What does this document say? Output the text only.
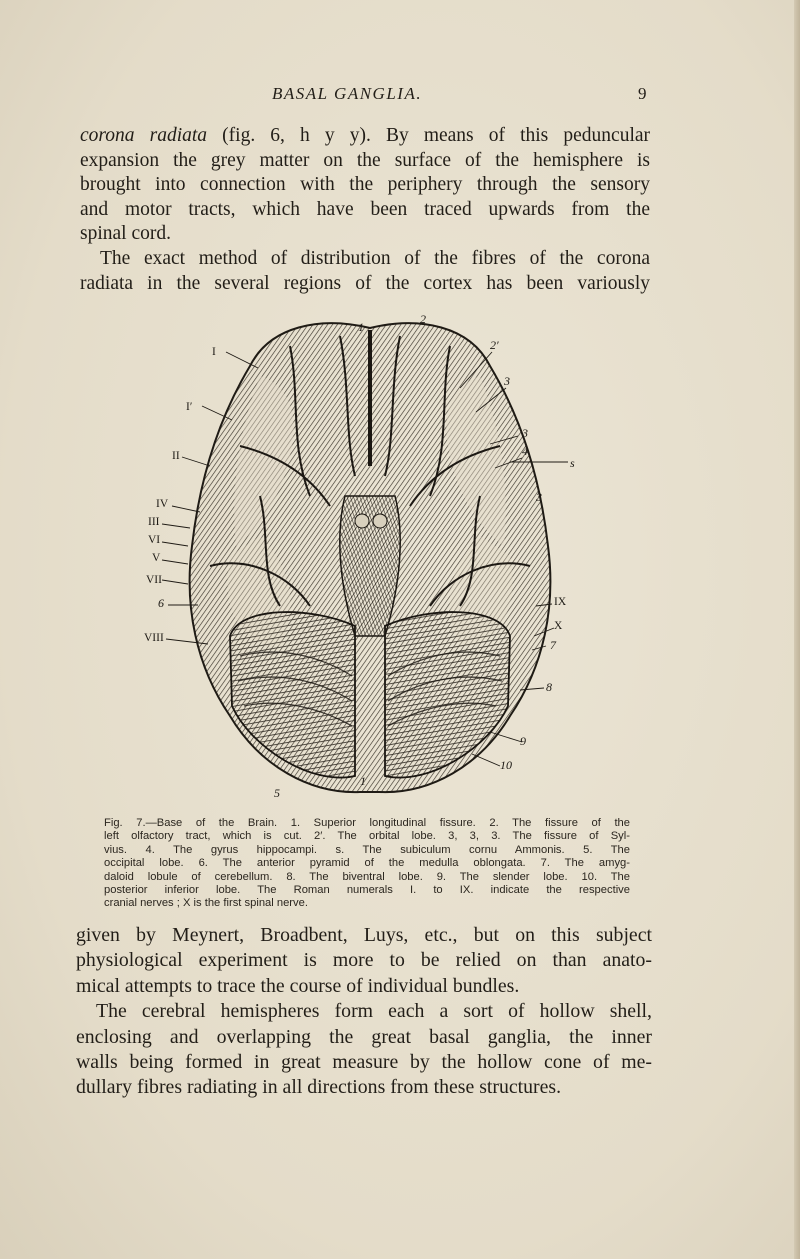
BASAL GANGLIA.	9
corona radiata (fig. 6, h y y). By means of this peduncular
expansion the grey matter on the surface of the hemisphere is
brought into connection with the periphery through the sensory
and motor tracts, which have been traced upwards from the
spinal cord.
The exact method of distribution of the fibres of the corona
radiata in the several regions of the cortex has been variously
1
2
I
I′
II
IV
III
VI
V
VII
6
VIII
2′
3
3
4
s
3
IX
X
7
8
9
10
5
1
Fig. 7.—Base of the Brain. 1. Superior longitudinal fissure. 2. The fissure of the
left olfactory tract, which is cut. 2′. The orbital lobe. 3, 3, 3. The fissure of Syl-
vius. 4. The gyrus hippocampi. s. The subiculum cornu Ammonis. 5. The
occipital lobe. 6. The anterior pyramid of the medulla oblongata. 7. The amyg-
daloid lobule of cerebellum. 8. The biventral lobe. 9. The slender lobe. 10. The
posterior inferior lobe. The Roman numerals I. to IX. indicate the respective
cranial nerves ; X is the first spinal nerve.
given by Meynert, Broadbent, Luys, etc., but on this subject
physiological experiment is more to be relied on than anato-
mical attempts to trace the course of individual bundles.
The cerebral hemispheres form each a sort of hollow shell,
enclosing and overlapping the great basal ganglia, the inner
walls being formed in great measure by the hollow cone of me-
dullary fibres radiating in all directions from these structures.
